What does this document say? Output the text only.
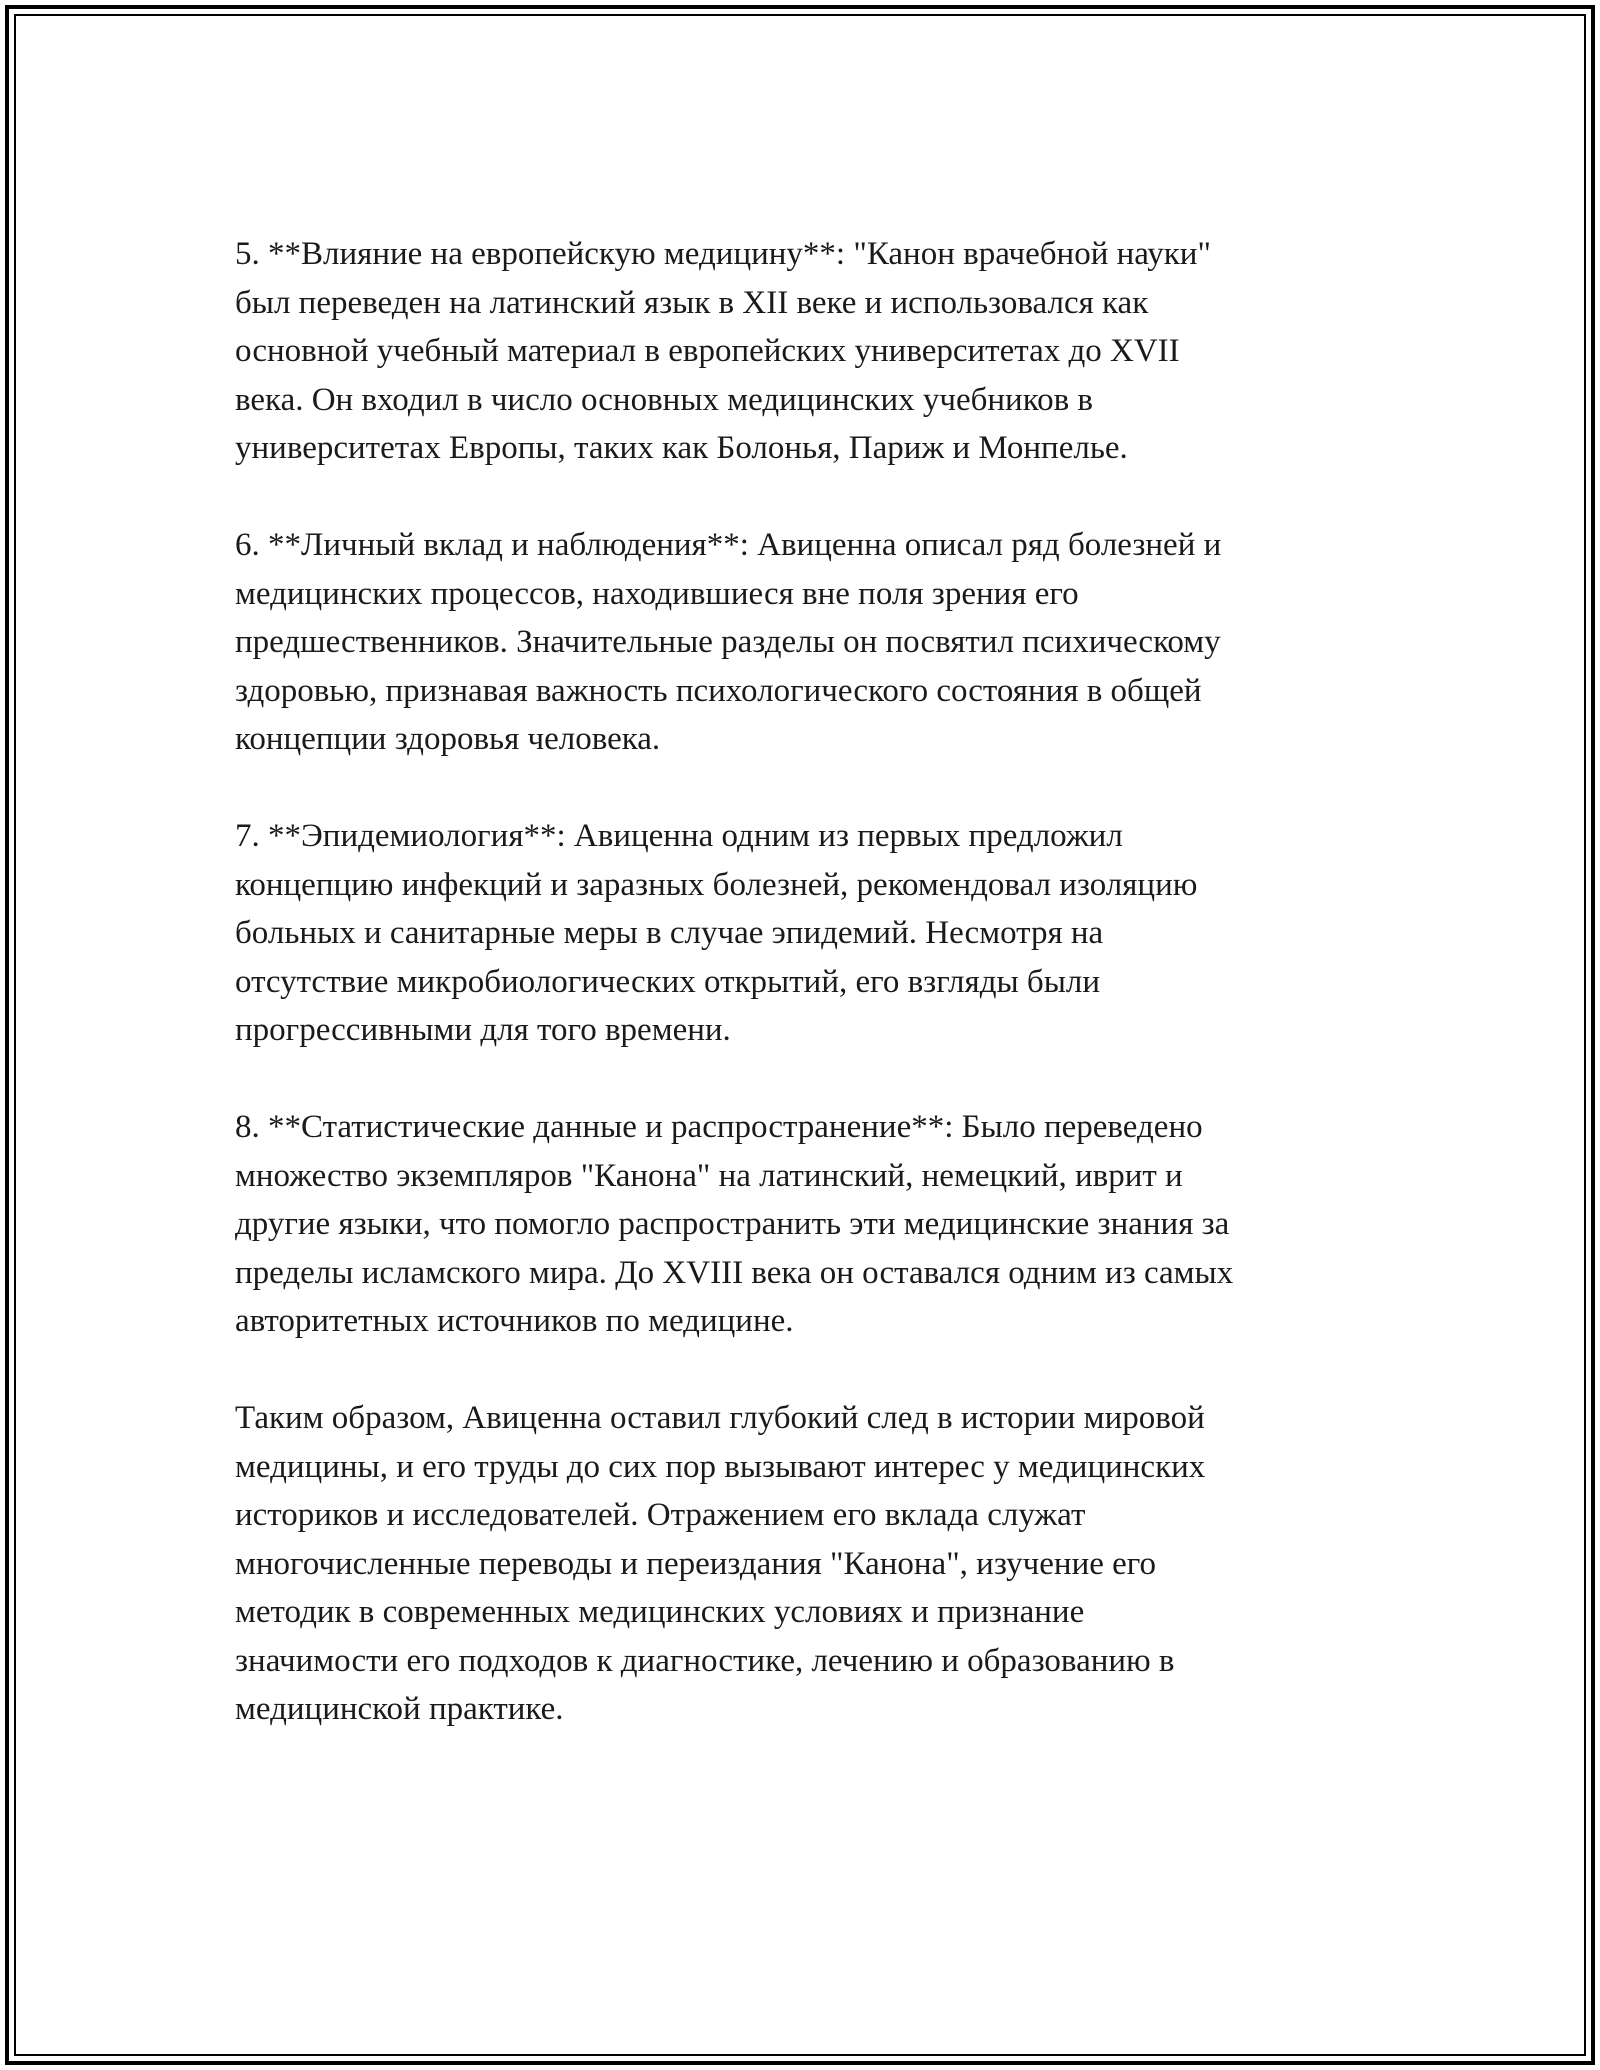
5. **Влияние на европейскую медицину**: "Канон врачебной науки"
был переведен на латинский язык в XII веке и использовался как
основной учебный материал в европейских университетах до XVII
века. Он входил в число основных медицинских учебников в
университетах Европы, таких как Болонья, Париж и Монпелье.

6. **Личный вклад и наблюдения**: Авиценна описал ряд болезней и
медицинских процессов, находившиеся вне поля зрения его
предшественников. Значительные разделы он посвятил психическому
здоровью, признавая важность психологического состояния в общей
концепции здоровья человека.

7. **Эпидемиология**: Авиценна одним из первых предложил
концепцию инфекций и заразных болезней, рекомендовал изоляцию
больных и санитарные меры в случае эпидемий. Несмотря на
отсутствие микробиологических открытий, его взгляды были
прогрессивными для того времени.

8. **Статистические данные и распространение**: Было переведено
множество экземпляров "Канона" на латинский, немецкий, иврит и
другие языки, что помогло распространить эти медицинские знания за
пределы исламского мира. До XVIII века он оставался одним из самых
авторитетных источников по медицине.

Таким образом, Авиценна оставил глубокий след в истории мировой
медицины, и его труды до сих пор вызывают интерес у медицинских
историков и исследователей. Отражением его вклада служат
многочисленные переводы и переиздания "Канона", изучение его
методик в современных медицинских условиях и признание
значимости его подходов к диагностике, лечению и образованию в
медицинской практике.
